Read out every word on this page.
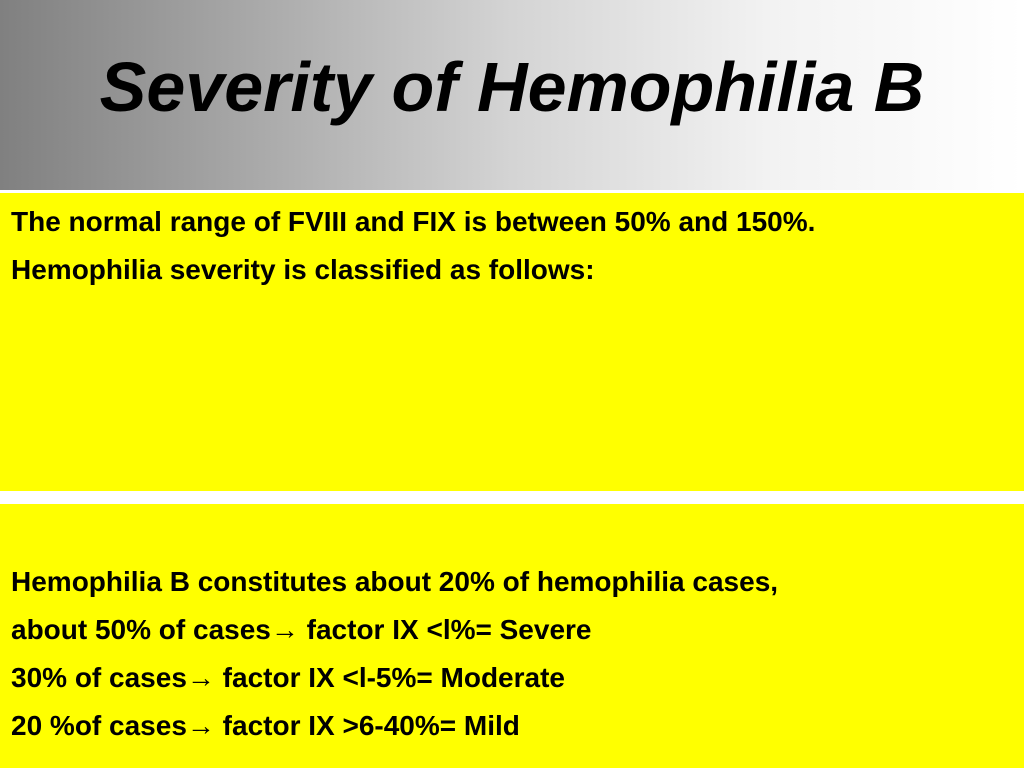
Severity of Hemophilia B
The normal range of FVIII and FIX is between 50% and 150%.
Hemophilia severity is classified as follows:
Hemophilia B constitutes about 20% of hemophilia cases,
about 50% of cases→ factor IX <l%= Severe
30% of cases→ factor IX <l-5%= Moderate
20 %of cases→ factor IX >6-40%= Mild
